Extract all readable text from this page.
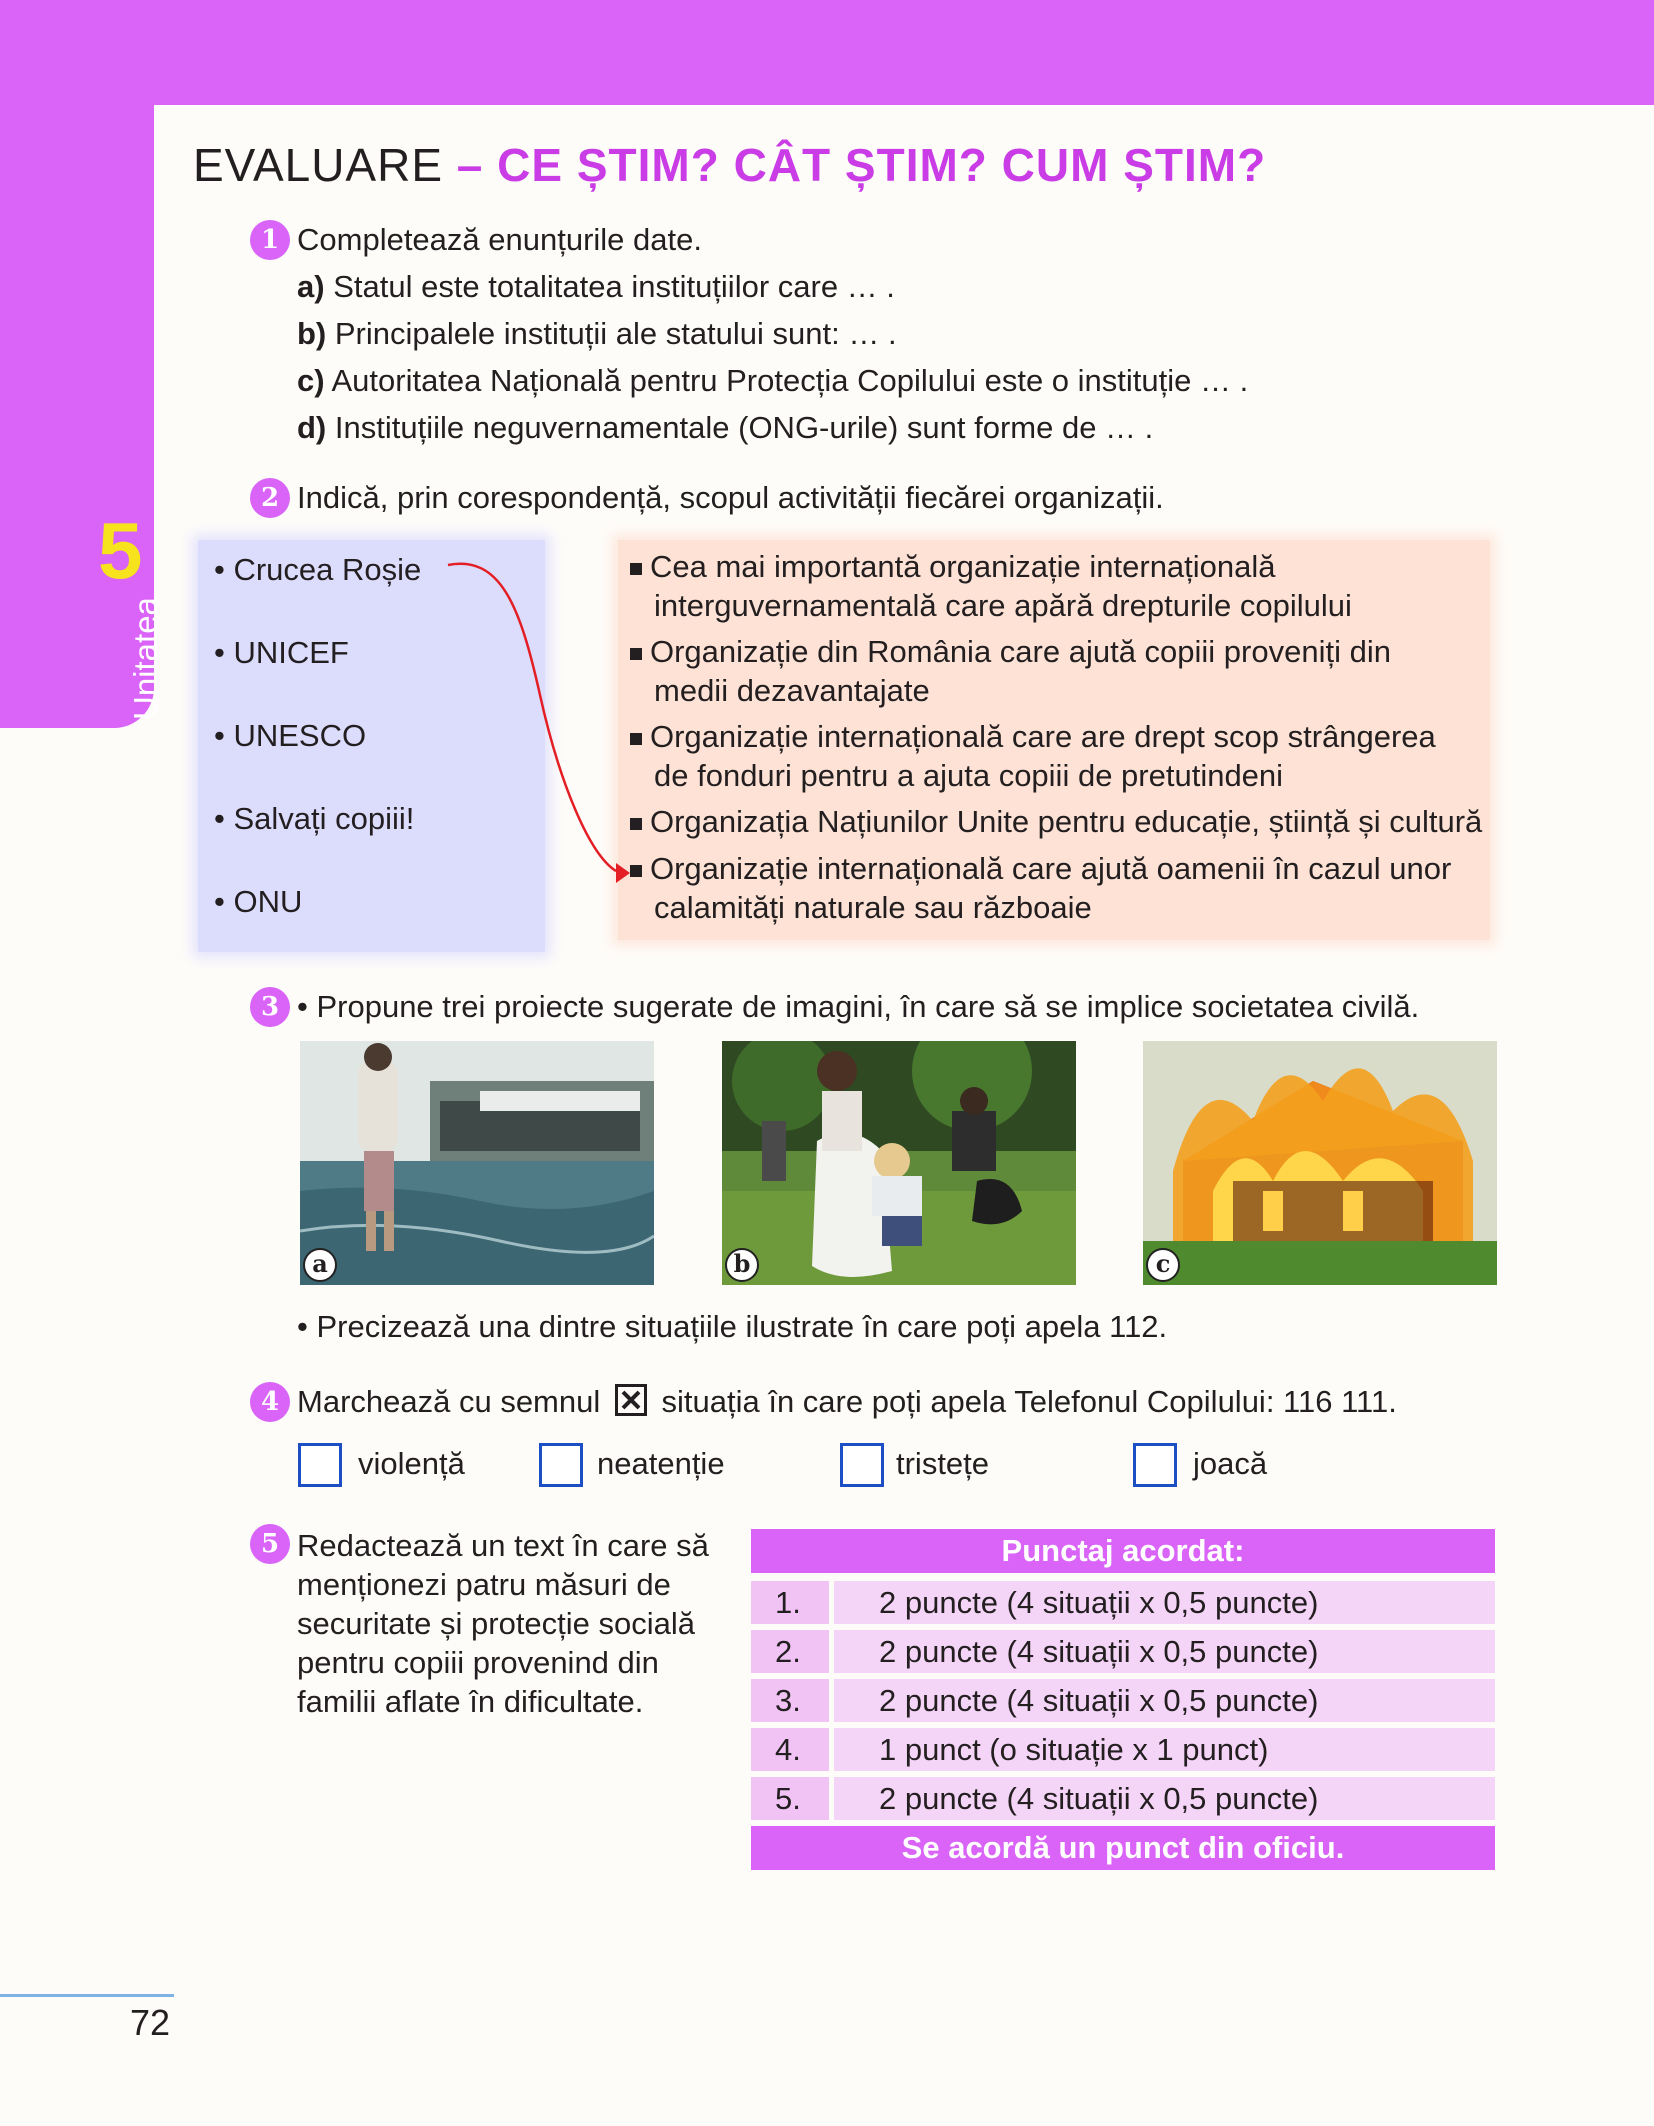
5
Unitatea
EVALUARE – CE ȘTIM? CÂT ȘTIM? CUM ȘTIM?
1 Completează enunțurile date.
a) Statul este totalitatea instituțiilor care … .
b) Principalele instituții ale statului sunt: … .
c) Autoritatea Națională pentru Protecția Copilului este o instituție … .
d) Instituțiile neguvernamentale (ONG-urile) sunt forme de … .
2 Indică, prin corespondență, scopul activității fiecărei organizații.
• Crucea Roșie
• UNICEF
• UNESCO
• Salvați copiii!
• ONU
Cea mai importantă organizație internațională
interguvernamentală care apără drepturile copilului
Organizație din România care ajută copiii proveniți din
medii dezavantajate
Organizație internațională care are drept scop strângerea
de fonduri pentru a ajuta copiii de pretutindeni
Organizația Națiunilor Unite pentru educație, știință și cultură
Organizație internațională care ajută oamenii în cazul unor
calamități naturale sau războaie
3 • Propune trei proiecte sugerate de imagini, în care să se implice societatea civilă.
a	b	c
• Precizează una dintre situațiile ilustrate în care poți apela 112.
4 Marchează cu semnul situația în care poți apela Telefonul Copilului: 116 111.
violență	neatenție	tristețe	joacă
5 Redactează un text în care să
menționezi patru măsuri de
securitate și protecție socială
pentru copiii provenind din
familii aflate în dificultate.
Punctaj acordat:
1.	2 puncte (4 situații x 0,5 puncte)
2.	2 puncte (4 situații x 0,5 puncte)
3.	2 puncte (4 situații x 0,5 puncte)
4.	1 punct (o situație x 1 punct)
5.	2 puncte (4 situații x 0,5 puncte)
Se acordă un punct din oficiu.
72
